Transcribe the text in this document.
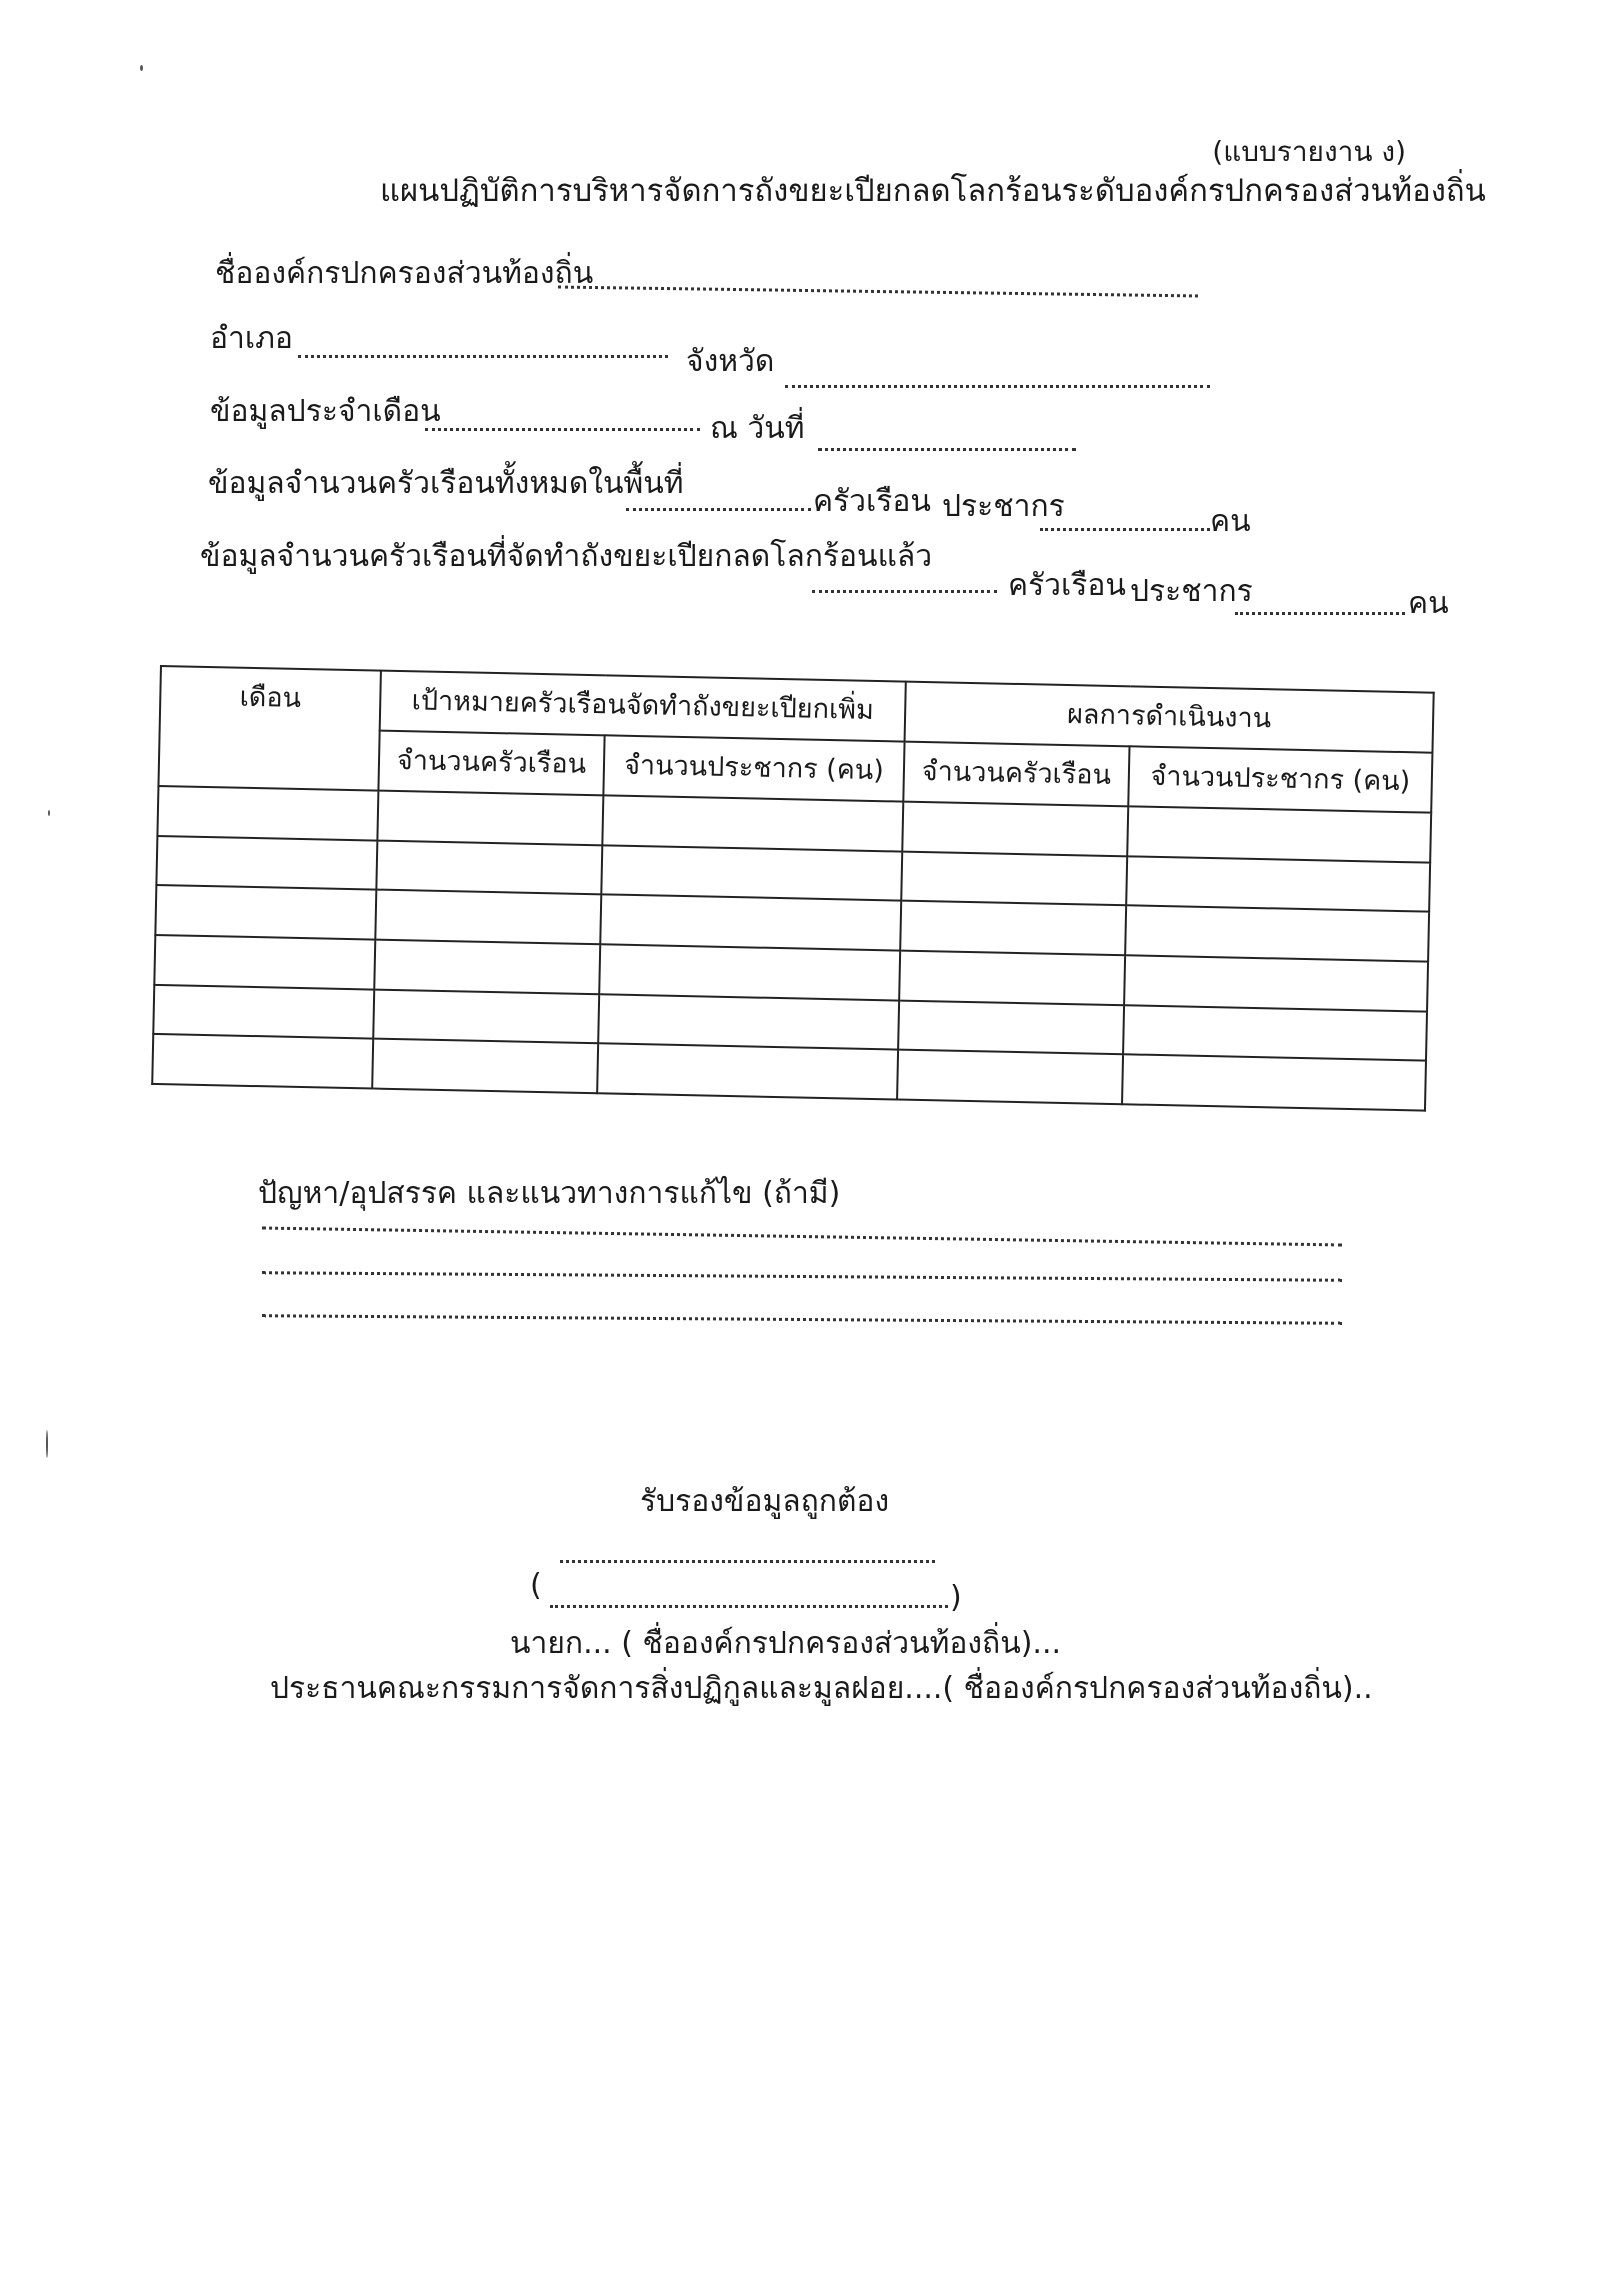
(แบบรายงาน ง)
แผนปฏิบัติการบริหารจัดการถังขยะเปียกลดโลกร้อนระดับองค์กรปกครองส่วนท้องถิ่น
ชื่อองค์กรปกครองส่วนท้องถิ่น
อำเภอ
จังหวัด
ข้อมูลประจำเดือน	ณ วันที่
ข้อมูลจำนวนครัวเรือนทั้งหมดในพื้นที่
ครัวเรือน ประชากร	คน
ข้อมูลจำนวนครัวเรือนที่จัดทำถังขยะเปียกลดโลกร้อนแล้ว
ครัวเรือน ประชากร	คน
เดือน	เป้าหมายครัวเรือนจัดทำถังขยะเปียกเพิ่ม		ผลการดำเนินงาน	
	จำนวนครัวเรือน	จำนวนประชากร (คน)	จำนวนครัวเรือน	จำนวนประชากร (คน)

ปัญหา/อุปสรรค และแนวทางการแก้ไข (ถ้ามี)
รับรองข้อมูลถูกต้อง
(	)
นายก... ( ชื่อองค์กรปกครองส่วนท้องถิ่น)...
ประธานคณะกรรมการจัดการสิ่งปฏิกูลและมูลฝอย....( ชื่อองค์กรปกครองส่วนท้องถิ่น)..
